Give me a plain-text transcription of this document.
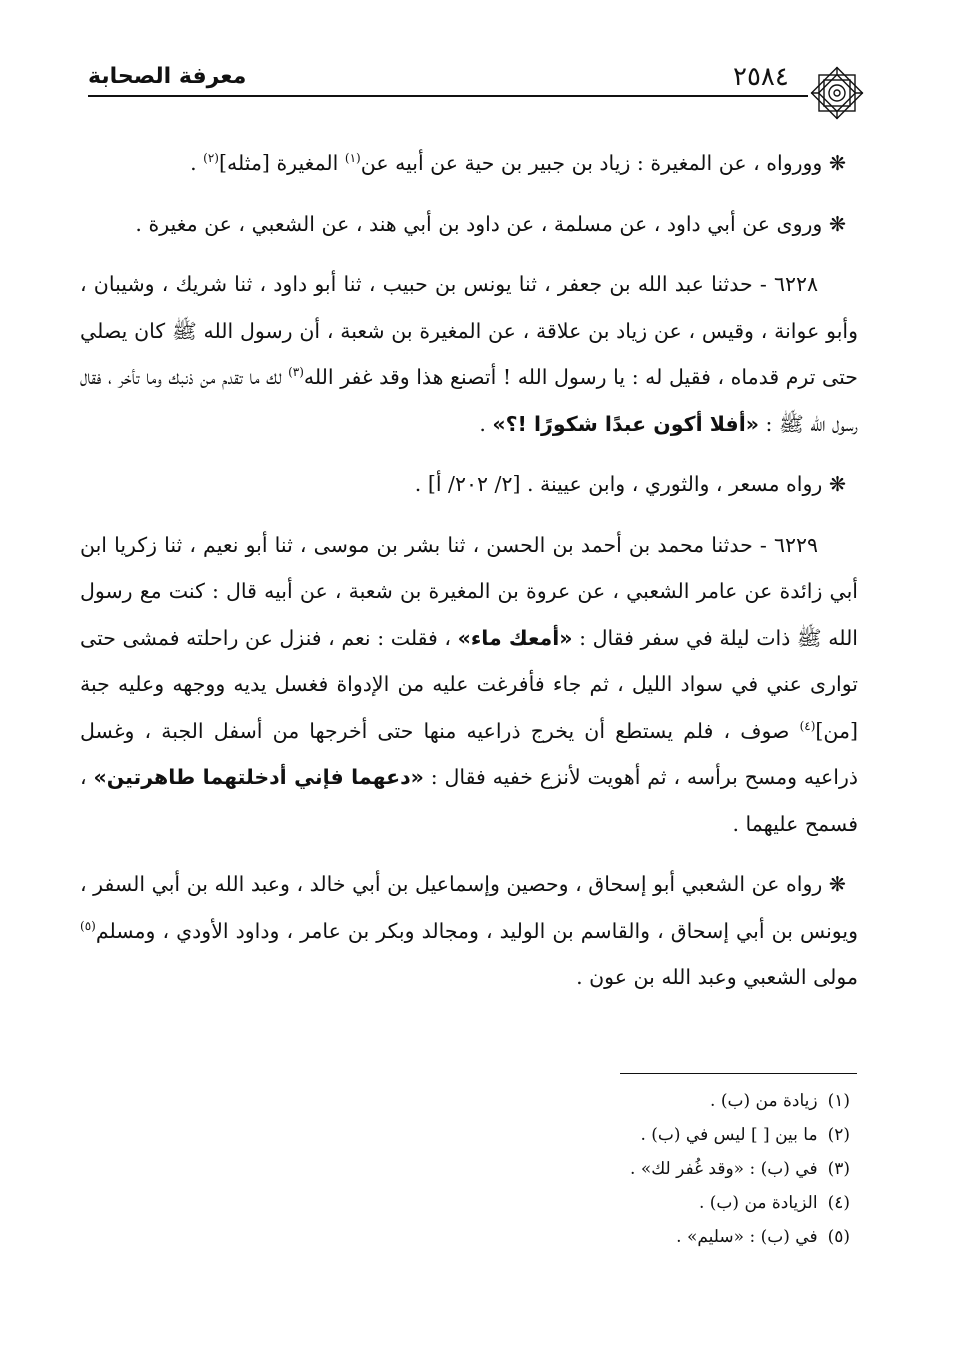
معرفة الصحابة	٢٥٨٤

❋ وورواه ، عن المغيرة : زياد بن جبير بن حية عن أبيه عن$^{(١)}$ المغيرة [مثله]$^{(٢)}$ .

❋ وروى عن أبي داود ، عن مسلمة ، عن داود بن أبي هند ، عن الشعبي ، عن مغيرة .

٦٢٢٨ - حدثنا عبد الله بن جعفر ، ثنا يونس بن حبيب ، ثنا أبو داود ، ثنا شريك ، وشيبان ، وأبو عوانة ، وقيس ، عن زياد بن علاقة ، عن المغيرة بن شعبة ، أن رسول الله ﷺ كان يصلي حتى ترم قدماه ، فقيل له : يا رسول الله ! أتصنع هذا وقد غفر الله$^{(٣)}$ لك ما تقدم من ذنبك وما تأخر ، فقال رسول الله ﷺ : «أفلا أكون عبدًا شكورًا !؟» .

❋ رواه مسعر ، والثوري ، وابن عيينة . [٢/ ٢٠٢/ أ] .

٦٢٢٩ - حدثنا محمد بن أحمد بن الحسن ، ثنا بشر بن موسى ، ثنا أبو نعيم ، ثنا زكريا ابن أبي زائدة عن عامر الشعبي ، عن عروة بن المغيرة بن شعبة ، عن أبيه قال : كنت مع رسول الله ﷺ ذات ليلة في سفر فقال : «أمعك ماء» ، فقلت : نعم ، فنزل عن راحلته فمشى حتى توارى عني في سواد الليل ، ثم جاء فأفرغت عليه من الإدواة فغسل يديه ووجهه وعليه جبة [من]$^{(٤)}$ صوف ، فلم يستطع أن يخرج ذراعيه منها حتى أخرجها من أسفل الجبة ، وغسل ذراعيه ومسح برأسه ، ثم أهويت لأنزع خفيه فقال : «دعهما فإني أدخلتهما طاهرتين» ، فسمح عليهما .

❋ رواه عن الشعبي أبو إسحاق ، وحصين وإسماعيل بن أبي خالد ، وعبد الله بن أبي السفر ، ويونس بن أبي إسحاق ، والقاسم بن الوليد ، ومجالد وبكر بن عامر ، وداود الأودي ، ومسلم$^{(٥)}$ مولى الشعبي وعبد الله بن عون .

(١)زيادة من (ب) .
(٢)ما بين [ ] ليس في (ب) .
(٣)في (ب) : «وقد غُفر لك» .
(٤)الزيادة من (ب) .
(٥)في (ب) : «سليم» .
